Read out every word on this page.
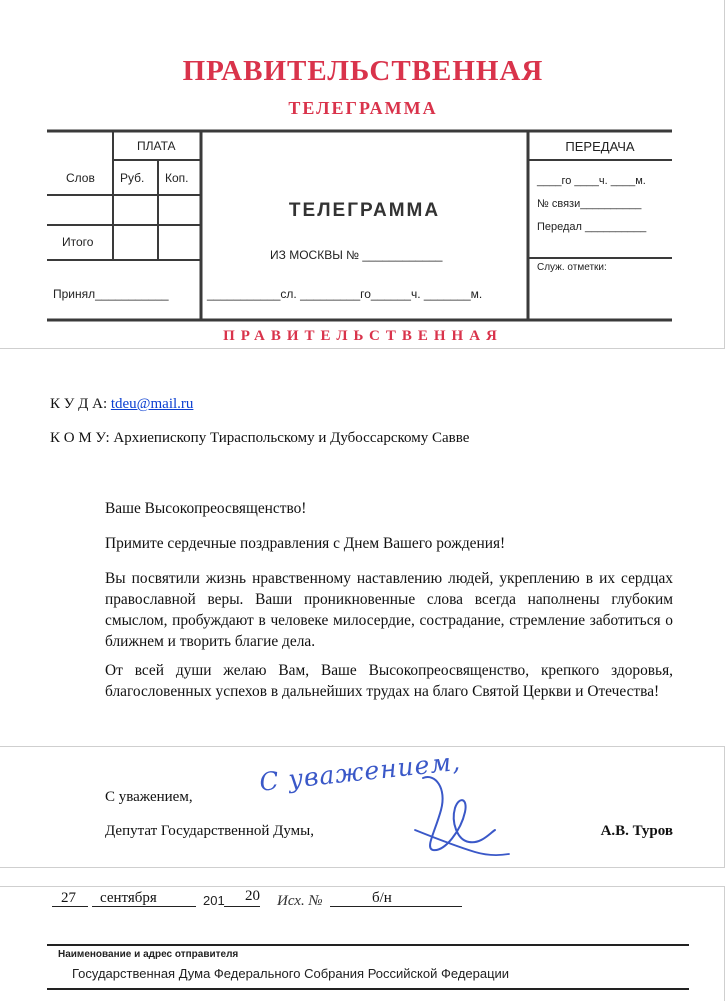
ПРАВИТЕЛЬСТВЕННАЯ
ТЕЛЕГРАММА
ПЛАТА
Слов Руб. Коп.
Итого
Принял___________
ТЕЛЕГРАММА
ИЗ МОСКВЫ № ____________
___________сл. _________го______ч. _______м.
ПЕРЕДАЧА
____го ____ч. ____м.
№ связи__________
Передал __________
Служ. отметки:
ПРАВИТЕЛЬСТВЕННАЯ
К У Д А: tdeu@mail.ru
К О М У: Архиепископу Тираспольскому и Дубоссарскому Савве
Ваше Высокопреосвященство!
Примите сердечные поздравления с Днем Вашего рождения!
Вы посвятили жизнь нравственному наставлению людей, укреплению в их сердцах православной веры. Ваши проникновенные слова всегда наполнены глубоким смыслом, пробуждают в человеке милосердие, сострадание, стремление заботиться о ближнем и творить благие дела.
От всей души желаю Вам, Ваше Высокопреосвященство, крепкого здоровья, благословенных успехов в дальнейших трудах на благо Святой Церкви и Отечества!
С уважением,
Депутат Государственной Думы,	А.В. Туров
С уважением,
27 сентября	201 20 Исх. №	б/н
Наименование и адрес отправителя
Государственная Дума Федерального Собрания Российской Федерации
